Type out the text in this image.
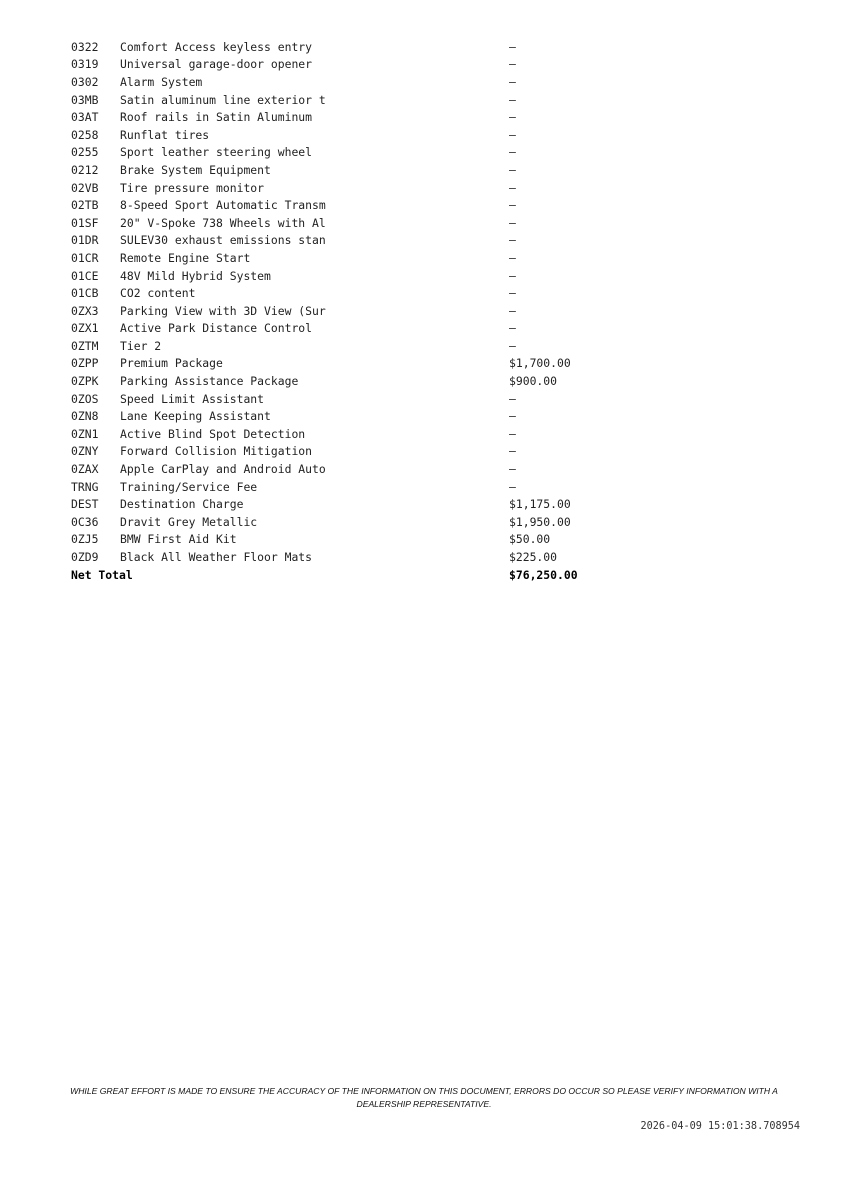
0322	Comfort Access keyless entry	—
0319	Universal garage-door opener	—
0302	Alarm System	—
03MB	Satin aluminum line exterior t	—
03AT	Roof rails in Satin Aluminum	—
0258	Runflat tires	—
0255	Sport leather steering wheel	—
0212	Brake System Equipment	—
02VB	Tire pressure monitor	—
02TB	8-Speed Sport Automatic Transm	—
01SF	20" V-Spoke 738 Wheels with Al	—
01DR	SULEV30 exhaust emissions stan	—
01CR	Remote Engine Start	—
01CE	48V Mild Hybrid System	—
01CB	CO2 content	—
0ZX3	Parking View with 3D View (Sur	—
0ZX1	Active Park Distance Control	—
0ZTM	Tier 2	—
0ZPP	Premium Package	$1,700.00
0ZPK	Parking Assistance Package	$900.00
0ZOS	Speed Limit Assistant	—
0ZN8	Lane Keeping Assistant	—
0ZN1	Active Blind Spot Detection	—
0ZNY	Forward Collision Mitigation	—
0ZAX	Apple CarPlay and Android Auto	—
TRNG	Training/Service Fee	—
DEST	Destination Charge	$1,175.00
0C36	Dravit Grey Metallic	$1,950.00
0ZJ5	BMW First Aid Kit	$50.00
0ZD9	Black All Weather Floor Mats	$225.00
Net Total		$76,250.00

WHILE GREAT EFFORT IS MADE TO ENSURE THE ACCURACY OF THE INFORMATION ON THIS DOCUMENT, ERRORS DO OCCUR SO PLEASE VERIFY INFORMATION WITH A DEALERSHIP REPRESENTATIVE.

2026-04-09 15:01:38.708954
